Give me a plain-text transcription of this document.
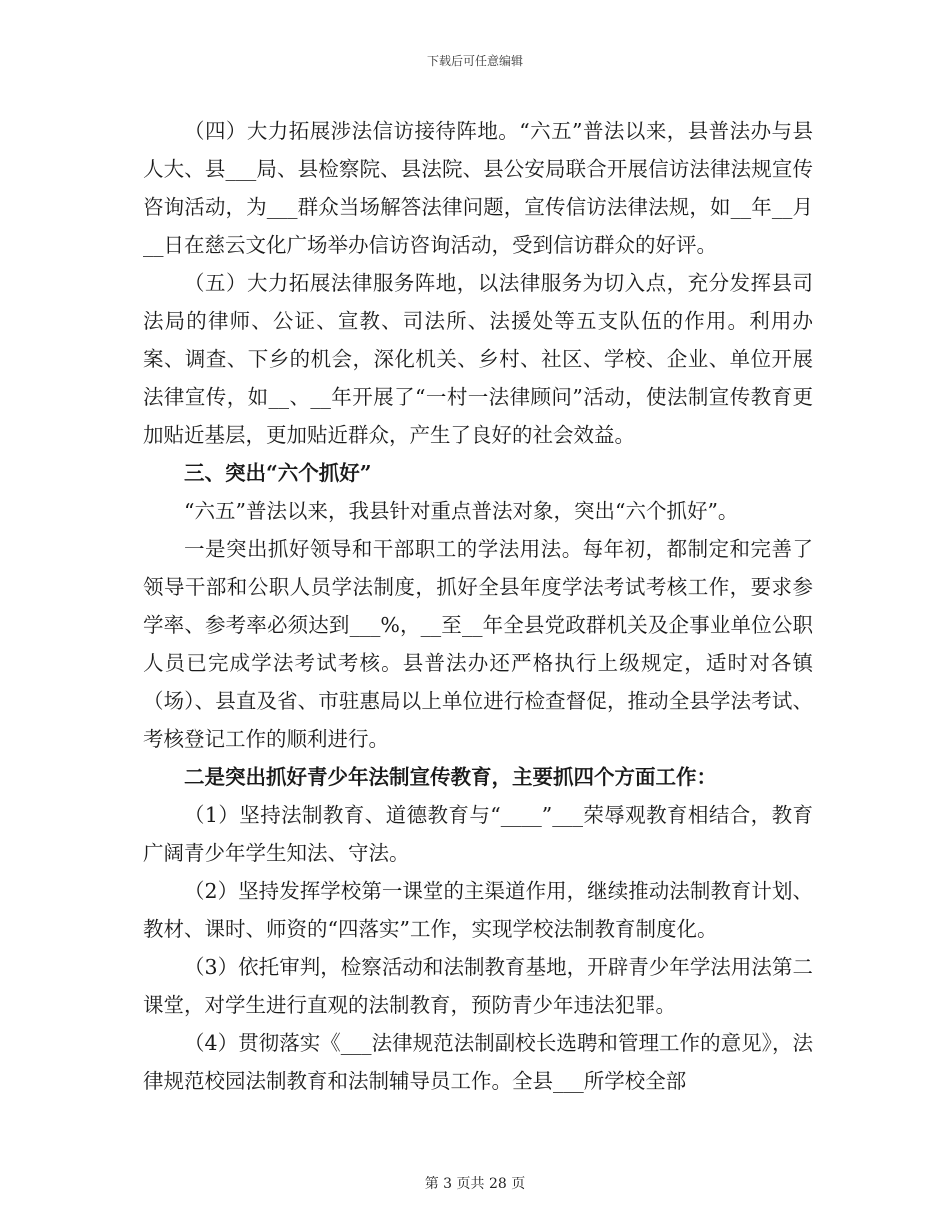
下载后可任意编辑

（四）大力拓展涉法信访接待阵地。“六五”普法以来，县普法办与县人大、县___局、县检察院、县法院、县公安局联合开展信访法律法规宣传咨询活动，为___群众当场解答法律问题，宣传信访法律法规，如__年__月__日在慈云文化广场举办信访咨询活动，受到信访群众的好评。

（五）大力拓展法律服务阵地，以法律服务为切入点，充分发挥县司法局的律师、公证、宣教、司法所、法援处等五支队伍的作用。利用办案、调查、下乡的机会，深化机关、乡村、社区、学校、企业、单位开展法律宣传，如__、__年开展了“一村一法律顾问”活动，使法制宣传教育更加贴近基层，更加贴近群众，产生了良好的社会效益。

三、突出“六个抓好”

“六五”普法以来，我县针对重点普法对象，突出“六个抓好”。

一是突出抓好领导和干部职工的学法用法。每年初，都制定和完善了领导干部和公职人员学法制度，抓好全县年度学法考试考核工作，要求参学率、参考率必须达到___%，__至__年全县党政群机关及企事业单位公职人员已完成学法考试考核。县普法办还严格执行上级规定，适时对各镇（场）、县直及省、市驻惠局以上单位进行检查督促，推动全县学法考试、考核登记工作的顺利进行。

二是突出抓好青少年法制宣传教育，主要抓四个方面工作：

（1）坚持法制教育、道德教育与“____”___荣辱观教育相结合，教育广阔青少年学生知法、守法。

（2）坚持发挥学校第一课堂的主渠道作用，继续推动法制教育计划、教材、课时、师资的“四落实”工作，实现学校法制教育制度化。

（3）依托审判，检察活动和法制教育基地，开辟青少年学法用法第二课堂，对学生进行直观的法制教育，预防青少年违法犯罪。

（4）贯彻落实《___法律规范法制副校长选聘和管理工作的意见》，法律规范校园法制教育和法制辅导员工作。全县___所学校全部

第 3 页共 28 页
